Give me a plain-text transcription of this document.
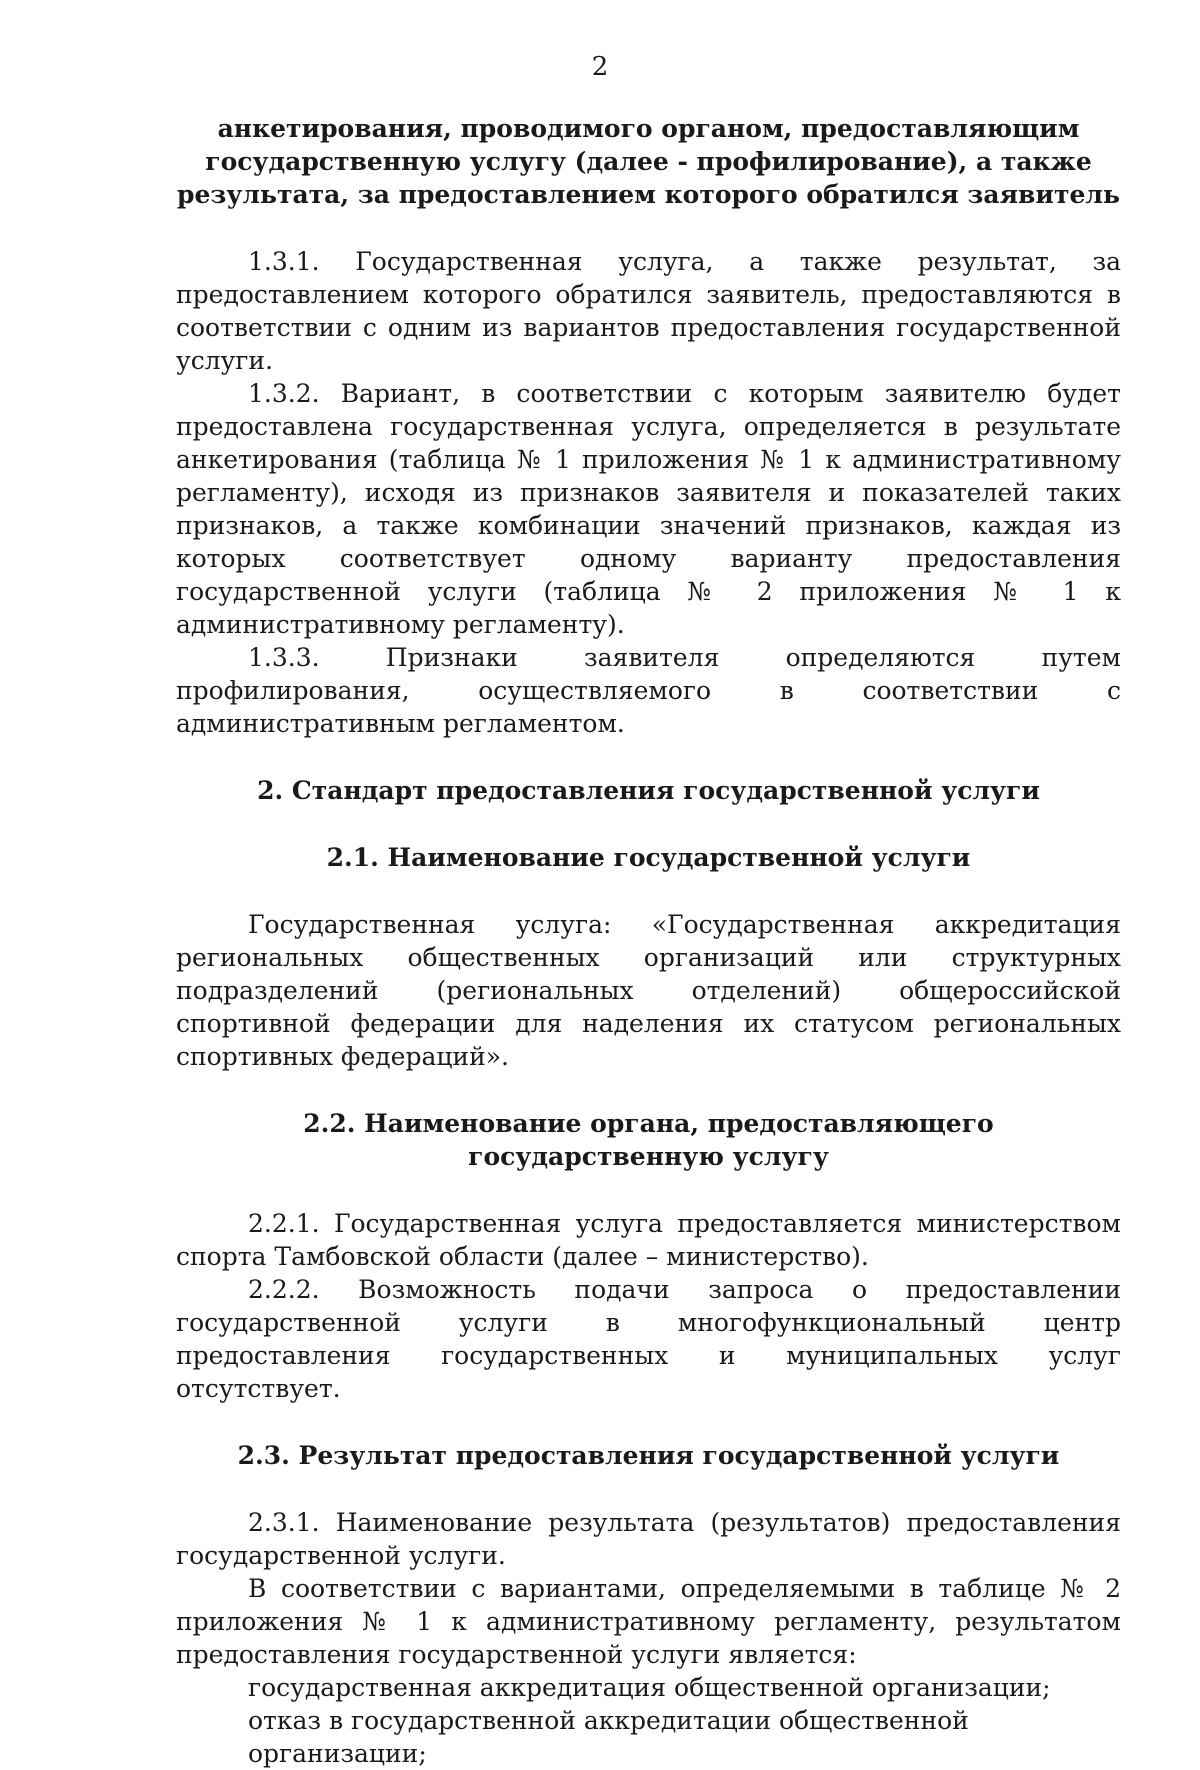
2

анкетирования, проводимого органом, предоставляющим государственную услугу (далее - профилирование), а также результата, за предоставлением которого обратился заявитель

1.3.1. Государственная услуга, а также результат, за предоставлением которого обратился заявитель, предоставляются в соответствии с одним из вариантов предоставления государственной услуги.

1.3.2. Вариант, в соответствии с которым заявителю будет предоставлена государственная услуга, определяется в результате анкетирования (таблица № 1 приложения № 1 к административному регламенту), исходя из признаков заявителя и показателей таких признаков, а также комбинации значений признаков, каждая из которых соответствует одному варианту предоставления государственной услуги (таблица № 2 приложения № 1 к административному регламенту).

1.3.3. Признаки заявителя определяются путем профилирования, осуществляемого в соответствии с административным регламентом.

2. Стандарт предоставления государственной услуги

2.1. Наименование государственной услуги

Государственная услуга: «Государственная аккредитация региональных общественных организаций или структурных подразделений (региональных отделений) общероссийской спортивной федерации для наделения их статусом региональных спортивных федераций».

2.2. Наименование органа, предоставляющего государственную услугу

2.2.1. Государственная услуга предоставляется министерством спорта Тамбовской области (далее – министерство).

2.2.2. Возможность подачи запроса о предоставлении государственной услуги в многофункциональный центр предоставления государственных и муниципальных услуг отсутствует.

2.3. Результат предоставления государственной услуги

2.3.1. Наименование результата (результатов) предоставления государственной услуги.

В соответствии с вариантами, определяемыми в таблице № 2 приложения № 1 к административному регламенту, результатом предоставления государственной услуги является:

государственная аккредитация общественной организации;

отказ в государственной аккредитации общественной организации;
